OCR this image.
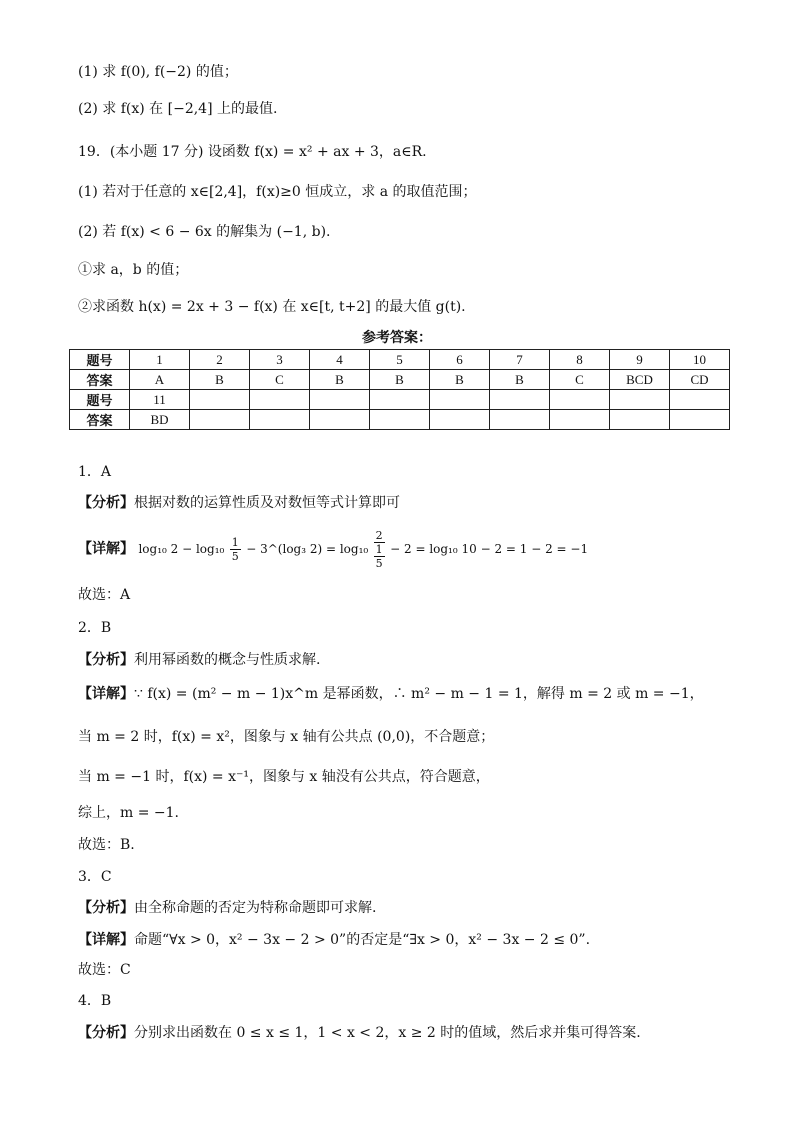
(1) 求 f(0), f(−2) 的值；
(2) 求 f(x) 在 [−2,4] 上的最值.
19．(本小题 17 分) 设函数 f(x) = x² + ax + 3，a∈R.
(1) 若对于任意的 x∈[2,4]，f(x)≥0 恒成立，求 a 的取值范围；
(2) 若 f(x) < 6 − 6x 的解集为 (−1, b).
①求 a，b 的值；
②求函数 h(x) = 2x + 3 − f(x) 在 x∈[t, t+2] 的最大值 g(t).
参考答案：
题号	1	2	3	4	5	6	7	8	9	10
答案	A	B	C	B	B	B	B	C	BCD	CD
题号	11									
答案	BD									
1．A
【分析】根据对数的运算性质及对数恒等式计算即可
【详解】 log₁₀ $2 - \log_{10} \frac{1}{5}$ − 3^(log₃ 2) = log₁₀
2
1
5
− 2 = log₁₀ 10 − 2 = 1 − 2 = −1
故选：A
2．B
【分析】利用幂函数的概念与性质求解.
【详解】∵ f(x) = (m² − m − 1)x^m 是幂函数，∴ m² − m − 1 = 1，解得 m = 2 或 m = −1，
当 m = 2 时，f(x) = x²，图象与 x 轴有公共点 (0,0)，不合题意；
当 m = −1 时，f(x) = x⁻¹，图象与 x 轴没有公共点，符合题意，
综上，m = −1.
故选：B.
3．C
【分析】由全称命题的否定为特称命题即可求解.
【详解】命题“∀x > 0，x² − 3x − 2 > 0”的否定是“∃x > 0，x² − 3x − 2 ≤ 0”.
故选：C
4．B
【分析】分别求出函数在 0 ≤ x ≤ 1，1 < x < 2，x ≥ 2 时的值域，然后求并集可得答案.
